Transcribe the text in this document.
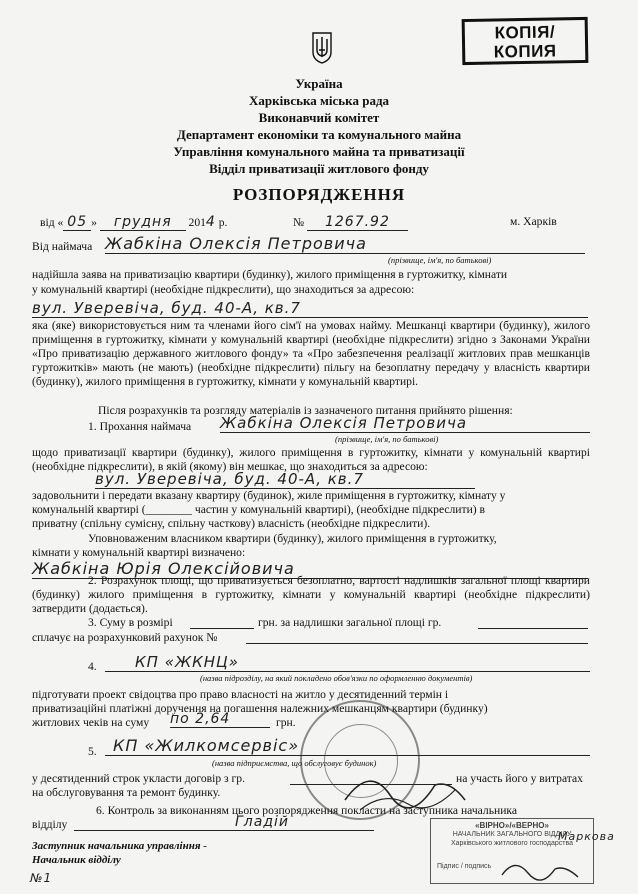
КОПІЯ/
КОПИЯ
Україна
Харківська міська рада
Виконавчий комітет
Департамент економіки та комунального майна
Управління комунального майна та приватизації
Відділ приватизації житлового фонду
РОЗПОРЯДЖЕННЯ
від « 05 » грудня 2014 р.	№ 1267.92	м. Харків
Від наймача Жабкіна Олексія Петровича
(прізвище, ім'я, по батькові)
надійшла заява на приватизацію квартири (будинку), жилого приміщення в гуртожитку, кімнати
у комунальній квартирі (необхідне підкреслити), що знаходиться за адресою:
вул. Уверевіча, буд. 40-А, кв.7
яка (яке) використовується ним та членами його сім'ї на умовах найму. Мешканці квартири (будинку), жилого приміщення в гуртожитку, кімнати у комунальній квартирі (необхідне підкреслити) згідно з Законами України «Про приватизацію державного житлового фонду» та «Про забезпечення реалізації житлових прав мешканців гуртожитків» мають (не мають) (необхідне підкреслити) пільгу на безоплатну передачу у власність квартири (будинку), жилого приміщення в гуртожитку, кімнати у комунальній квартирі.
Після розрахунків та розгляду матеріалів із зазначеного питання прийнято рішення:
1. Прохання наймача Жабкіна Олексія Петровича
(прізвище, ім'я, по батькові)
щодо приватизації квартири (будинку), жилого приміщення в гуртожитку, кімнати у комунальній квартирі (необхідне підкреслити), в якій (якому) він мешкає, що знаходиться за адресою:
вул. Уверевіча, буд. 40-А, кв.7
задовольнити і передати вказану квартиру (будинок), жиле приміщення в гуртожитку, кімнату у
комунальній квартирі (________ частин у комунальній квартирі), (необхідне підкреслити) в
приватну (спільну сумісну, спільну часткову) власність (необхідне підкреслити).
Уповноваженим власником квартири (будинку), жилого приміщення в гуртожитку,
кімнати у комунальній квартирі визначено:
Жабкіна Юрія Олексійовича
2. Розрахунок площі, що приватизується безоплатно, вартості надлишків загальної площі квартири (будинку) жилого приміщення в гуртожитку, кімнати у комунальній квартирі (необхідне підкреслити) затвердити (додається).
3. Суму в розмірі	грн. за надлишки загальної площі гр.
сплачує на розрахунковий рахунок №
4.	КП «ЖКНЦ»
(назва підрозділу, на який покладено обов'язки по оформленню документів)
підготувати проект свідоцтва про право власності на житло у десятиденний термін і
приватизаційні платіжні доручення на погашення належних мешканцям квартири (будинку)
житлових чеків на суму по 2,64	грн.
5.	КП «Жилкомсервіс»
(назва підприємства, що обслуговує будинок)
у десятиденний строк укласти договір з гр.	на участь його у витратах
на обслуговування та ремонт будинку.
6. Контроль за виконанням цього розпорядження покласти на заступника начальника
відділу	Гладій
Заступник начальника управління -
Начальник відділу
№1
«ВІРНО»/«ВЕРНО»
НАЧАЛЬНИК ЗАГАЛЬНОГО ВІДДІЛУ
Харківського житлового господарства
Підпис / подпись
Маркова
